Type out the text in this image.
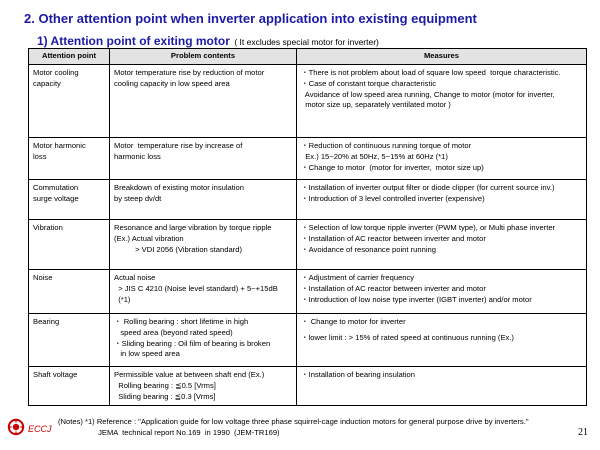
2. Other attention point when inverter application into existing equipment
1) Attention point of exiting motor ( It excludes special motor for inverter)
Attention point	Problem contents	Measures

Motor cooling
capacity	Motor temperature rise by reduction of motor
cooling capacity in low speed area	・There is not problem about load of square low speed  torque characteristic.
・Case of constant torque characteristic
Avoidance of low speed area running, Change to motor (motor for inverter,
motor size up, separately ventilated motor )

Motor harmonic
loss	Motor  temperature rise by increase of
harmonic loss	・Reduction of continuous running torque of motor
Ex.) 15~20% at 50Hz, 5~15% at 60Hz (*1)
・Change to motor  (motor for inverter,  motor size up)

Commutation
surge voltage	Breakdown of existing motor insulation
by steep dv/dt	・Installation of inverter output filter or diode clipper (for current source inv.)
・Introduction of 3 level controlled inverter (expensive)

Vibration	Resonance and large vibration by torque ripple
(Ex.) Actual vibration
> VDI 2056 (Vibration standard)	・Selection of low torque ripple inverter (PWM type), or Multi phase inverter
・Installation of AC reactor between inverter and motor
・Avoidance of resonance point running

Noise	Actual noise
> JIS C 4210 (Noise level standard) + 5~+15dB
(*1)	・Adjustment of carrier frequency
・Installation of AC reactor between inverter and motor
・Introduction of low noise type inverter (IGBT inverter) and/or motor

Bearing	・ Rolling bearing : short lifetime in high
speed area (beyond rated speed)
・Sliding bearing : Oil film of bearing is broken
in low speed area	・ Change to motor for inverter
・lower limit : > 15% of rated speed at continuous running (Ex.)

Shaft voltage	Permissible value at between shaft end (Ex.)
Rolling bearing : ≦0.5 [Vrms]
Sliding bearing : ≦0.3 [Vrms]	・Installation of bearing insulation
ECCJ
(Notes) *1) Reference : "Application guide for low voltage three phase squirrel-cage induction motors for general purpose drive by inverters."
JEMA  technical report No.169  in 1990  (JEM-TR169)	21
